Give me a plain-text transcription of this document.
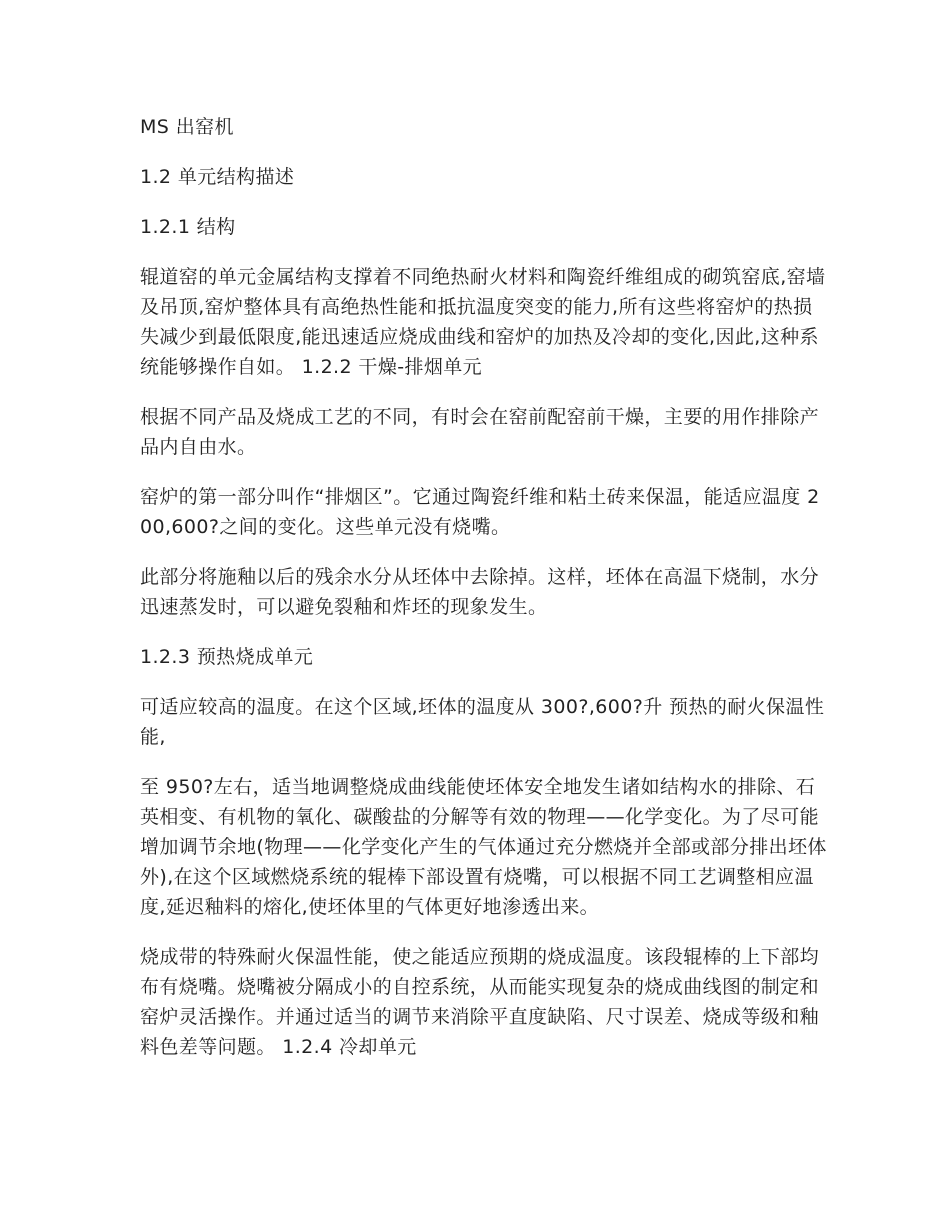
MS 出窑机

1.2 单元结构描述

1.2.1 结构

辊道窑的单元金属结构支撑着不同绝热耐火材料和陶瓷纤维组成的砌筑窑底,窑墙及吊顶,窑炉整体具有高绝热性能和抵抗温度突变的能力,所有这些将窑炉的热损失减少到最低限度,能迅速适应烧成曲线和窑炉的加热及冷却的变化,因此,这种系统能够操作自如。 1.2.2 干燥-排烟单元

根据不同产品及烧成工艺的不同，有时会在窑前配窑前干燥，主要的用作排除产品内自由水。

窑炉的第一部分叫作“排烟区”。它通过陶瓷纤维和粘土砖来保温，能适应温度 200,600?之间的变化。这些单元没有烧嘴。

此部分将施釉以后的残余水分从坯体中去除掉。这样，坯体在高温下烧制，水分迅速蒸发时，可以避免裂釉和炸坯的现象发生。

1.2.3 预热烧成单元

可适应较高的温度。在这个区域,坯体的温度从 300?,600?升 预热的耐火保温性能,

至 950?左右，适当地调整烧成曲线能使坯体安全地发生诸如结构水的排除、石英相变、有机物的氧化、碳酸盐的分解等有效的物理——化学变化。为了尽可能增加调节余地(物理——化学变化产生的气体通过充分燃烧并全部或部分排出坯体外),在这个区域燃烧系统的辊棒下部设置有烧嘴，可以根据不同工艺调整相应温度,延迟釉料的熔化,使坯体里的气体更好地渗透出来。

烧成带的特殊耐火保温性能，使之能适应预期的烧成温度。该段辊棒的上下部均布有烧嘴。烧嘴被分隔成小的自控系统，从而能实现复杂的烧成曲线图的制定和窑炉灵活操作。并通过适当的调节来消除平直度缺陷、尺寸误差、烧成等级和釉料色差等问题。 1.2.4 冷却单元
